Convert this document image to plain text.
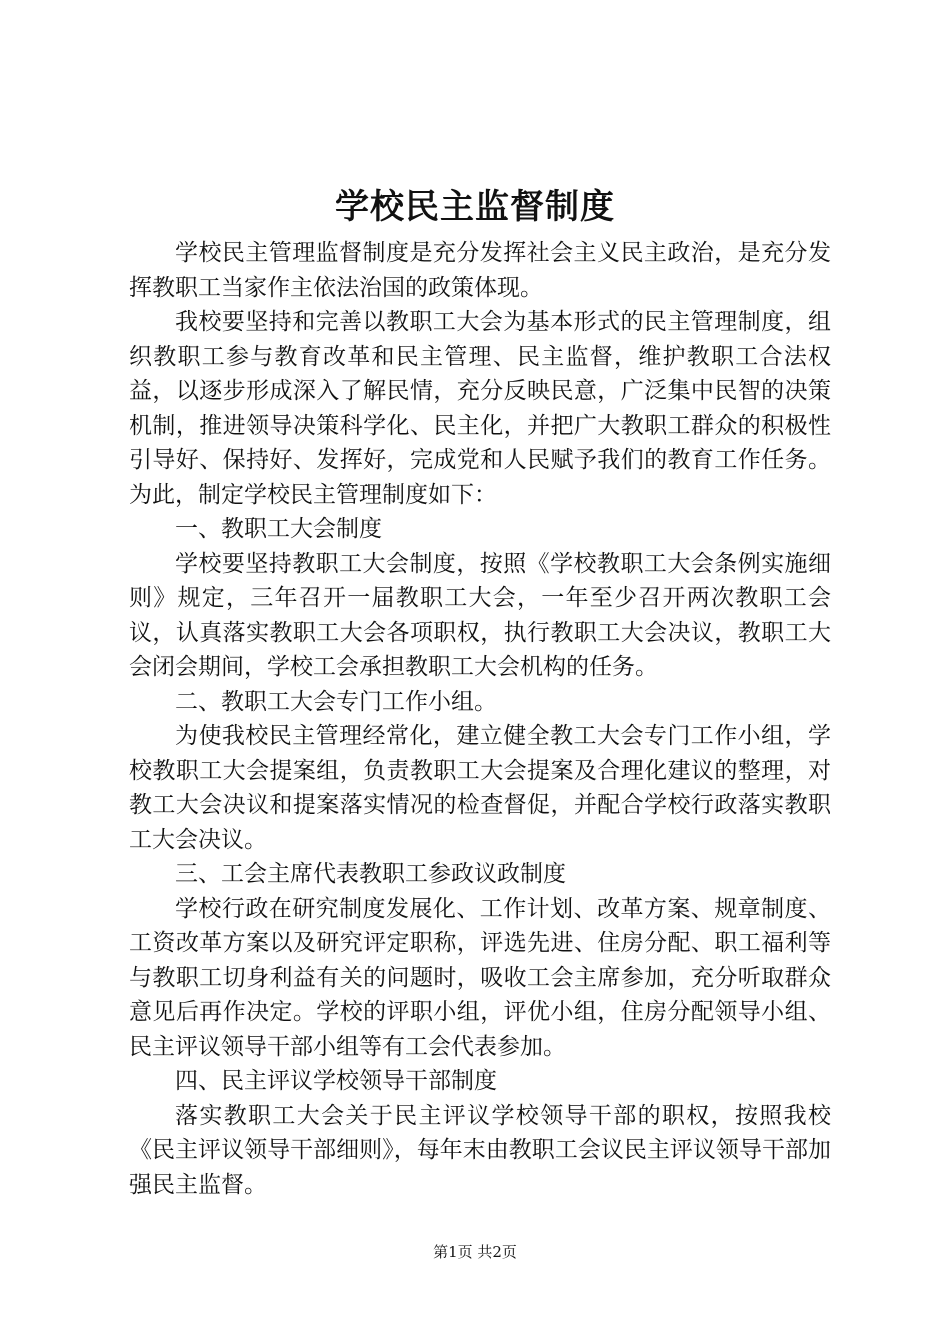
学校民主监督制度

学校民主管理监督制度是充分发挥社会主义民主政治，是充分发挥教职工当家作主依法治国的政策体现。

我校要坚持和完善以教职工大会为基本形式的民主管理制度，组织教职工参与教育改革和民主管理、民主监督，维护教职工合法权益，以逐步形成深入了解民情，充分反映民意，广泛集中民智的决策机制，推进领导决策科学化、民主化，并把广大教职工群众的积极性引导好、保持好、发挥好，完成党和人民赋予我们的教育工作任务。为此，制定学校民主管理制度如下：

一、教职工大会制度

学校要坚持教职工大会制度，按照《学校教职工大会条例实施细则》规定，三年召开一届教职工大会，一年至少召开两次教职工会议，认真落实教职工大会各项职权，执行教职工大会决议，教职工大会闭会期间，学校工会承担教职工大会机构的任务。

二、教职工大会专门工作小组。

为使我校民主管理经常化，建立健全教工大会专门工作小组，学校教职工大会提案组，负责教职工大会提案及合理化建议的整理，对教工大会决议和提案落实情况的检查督促，并配合学校行政落实教职工大会决议。

三、工会主席代表教职工参政议政制度

学校行政在研究制度发展化、工作计划、改革方案、规章制度、工资改革方案以及研究评定职称，评选先进、住房分配、职工福利等与教职工切身利益有关的问题时，吸收工会主席参加，充分听取群众意见后再作决定。学校的评职小组，评优小组，住房分配领导小组、民主评议领导干部小组等有工会代表参加。

四、民主评议学校领导干部制度

落实教职工大会关于民主评议学校领导干部的职权，按照我校《民主评议领导干部细则》，每年末由教职工会议民主评议领导干部加强民主监督。

第1页 共2页
